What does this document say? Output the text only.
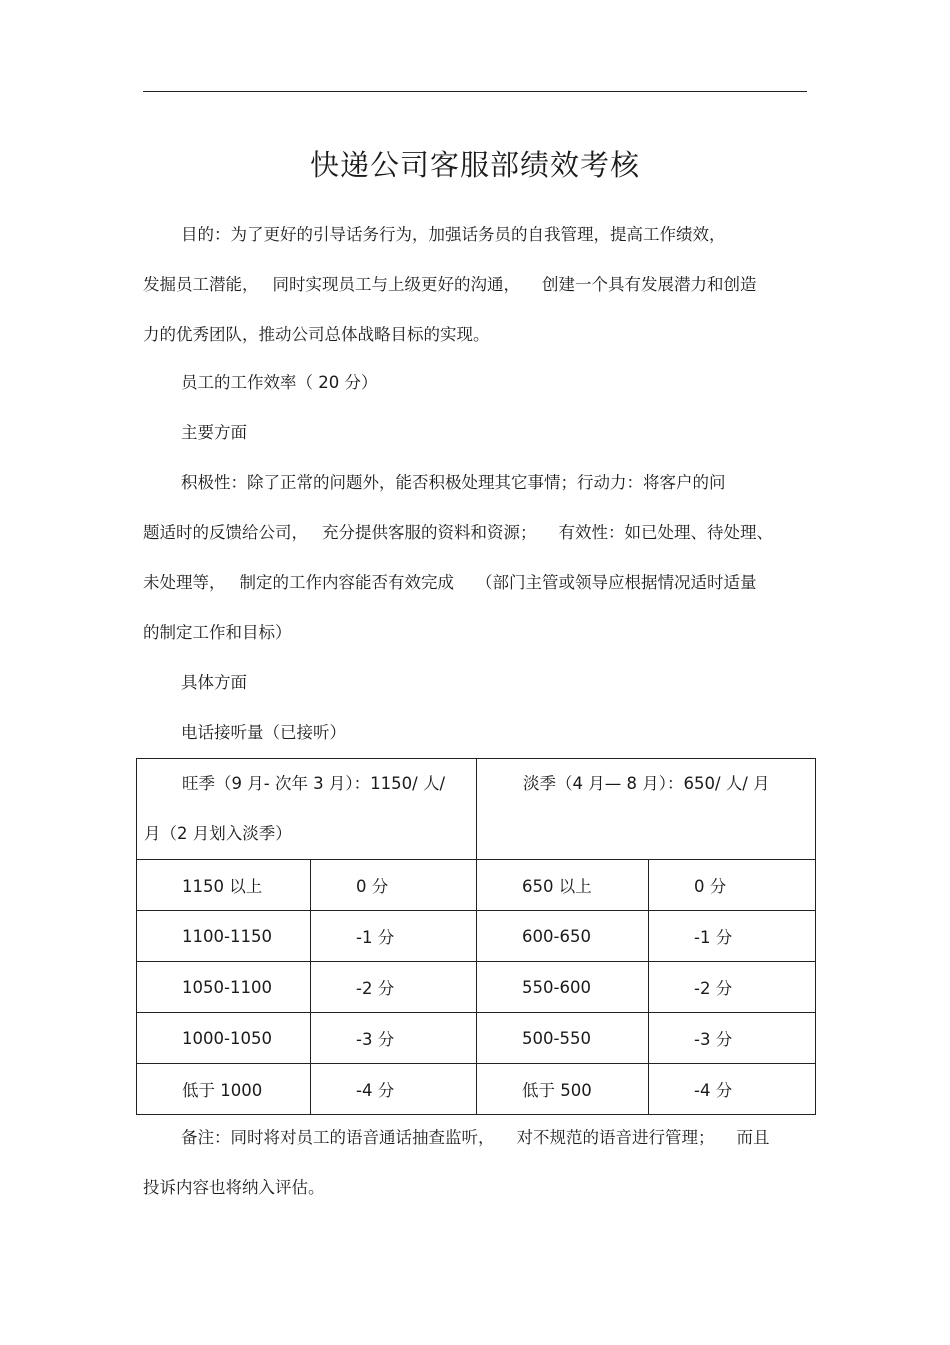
快递公司客服部绩效考核
目的：为了更好的引导话务行为，加强话务员的自我管理，提高工作绩效，
发掘员工潜能， 同时实现员工与上级更好的沟通， 创建一个具有发展潜力和创造
力的优秀团队，推动公司总体战略目标的实现。
员工的工作效率（ 20 分）
主要方面
积极性：除了正常的问题外，能否积极处理其它事情；行动力：将客户的问
题适时的反馈给公司， 充分提供客服的资料和资源； 有效性：如已处理、待处理、
未处理等， 制定的工作内容能否有效完成 （部门主管或领导应根据情况适时适量
的制定工作和目标）
具体方面
电话接听量（已接听）
旺季（9 月- 次年 3 月）：1150/ 人/
月（2 月划入淡季）		淡季（4 月— 8 月）：650/ 人/ 月	

1150 以上	0 分	650 以上	0 分

1100-1150	-1 分	600-650	-1 分

1050-1100	-2 分	550-600	-2 分

1000-1050	-3 分	500-550	-3 分

低于 1000	-4 分	低于 500	-4 分
备注：同时将对员工的语音通话抽查监听， 对不规范的语音进行管理； 而且
投诉内容也将纳入评估。
